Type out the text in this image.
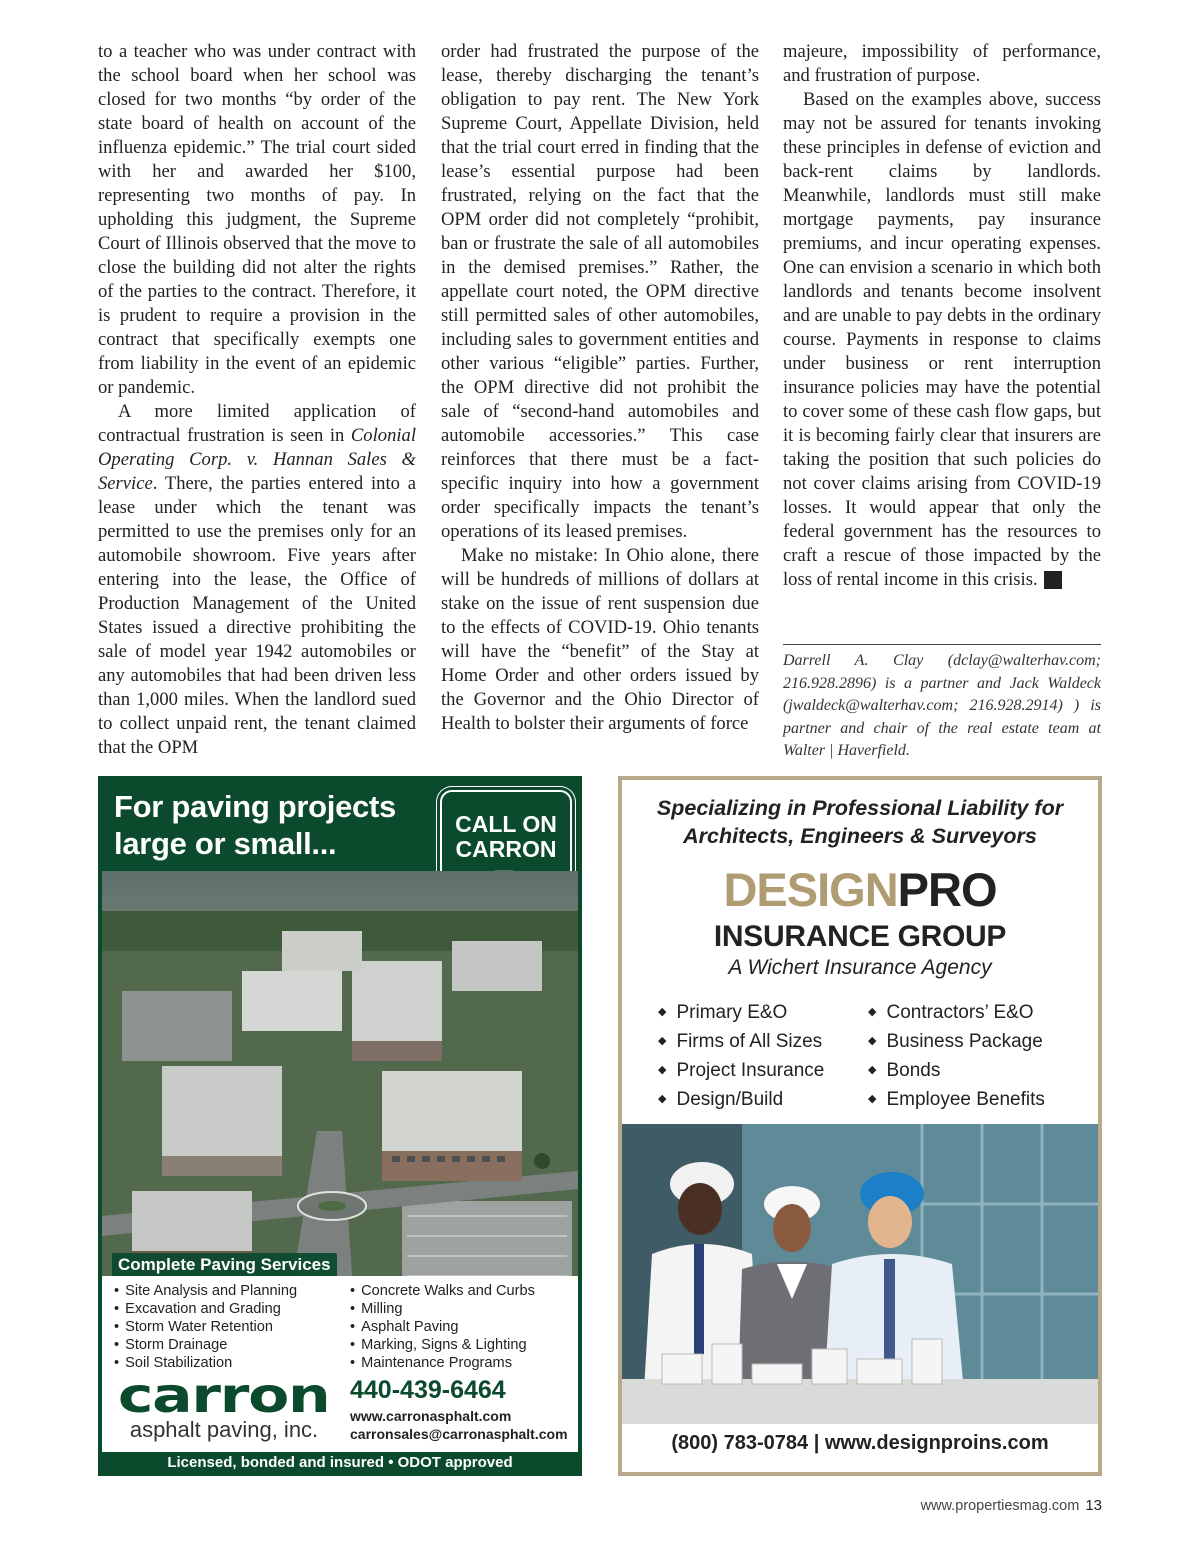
to a teacher who was under contract with the school board when her school was closed for two months “by order of the state board of health on account of the influenza epidemic.” The trial court sided with her and awarded her $100, representing two months of pay. In upholding this judgment, the Supreme Court of Illinois observed that the move to close the building did not alter the rights of the parties to the contract. Therefore, it is prudent to require a provision in the contract that specifically exempts one from liability in the event of an epidemic or pandemic.

A more limited application of contractual frustration is seen in Colonial Operating Corp. v. Hannan Sales & Service. There, the parties entered into a lease under which the tenant was permitted to use the premises only for an automobile showroom. Five years after entering into the lease, the Office of Production Management of the United States issued a directive prohibiting the sale of model year 1942 automobiles or any automobiles that had been driven less than 1,000 miles. When the landlord sued to collect unpaid rent, the tenant claimed that the OPM

order had frustrated the purpose of the lease, thereby discharging the tenant’s obligation to pay rent. The New York Supreme Court, Appellate Division, held that the trial court erred in finding that the lease’s essential purpose had been frustrated, relying on the fact that the OPM order did not completely “prohibit, ban or frustrate the sale of all automobiles in the demised premises.” Rather, the appellate court noted, the OPM directive still permitted sales of other automobiles, including sales to government entities and other various “eligible” parties. Further, the OPM directive did not prohibit the sale of “second-hand automobiles and automobile accessories.” This case reinforces that there must be a fact-specific inquiry into how a government order specifically impacts the tenant’s operations of its leased premises.

Make no mistake: In Ohio alone, there will be hundreds of millions of dollars at stake on the issue of rent suspension due to the effects of COVID-19. Ohio tenants will have the “benefit” of the Stay at Home Order and other orders issued by the Governor and the Ohio Director of Health to bolster their arguments of force

majeure, impossibility of performance, and frustration of purpose.

Based on the examples above, success may not be assured for tenants invoking these principles in defense of eviction and back-rent claims by landlords. Meanwhile, landlords must still make mortgage payments, pay insurance premiums, and incur operating expenses. One can envision a scenario in which both landlords and tenants become insolvent and are unable to pay debts in the ordinary course. Payments in response to claims under business or rent interruption insurance policies may have the potential to cover some of these cash flow gaps, but it is becoming fairly clear that insurers are taking the position that such policies do not cover claims arising from COVID-19 losses. It would appear that only the federal government has the resources to craft a rescue of those impacted by the loss of rental income in this crisis. P

Darrell A. Clay (dclay@walterhav.com; 216.928.2896) is a partner and Jack Waldeck (jwaldeck@walterhav.com; 216.928.2914) ) is partner and chair of the real estate team at Walter | Haverfield.
For paving projects large or small...
CALL ON CARRON
Complete Paving Services
• Site Analysis and Planning
• Excavation and Grading
• Storm Water Retention
• Storm Drainage
• Soil Stabilization
• Concrete Walks and Curbs
• Milling
• Asphalt Paving
• Marking, Signs & Lighting
• Maintenance Programs
carron
asphalt paving, inc.
440-439-6464
www.carronasphalt.com
carronsales@carronasphalt.com
Licensed, bonded and insured • ODOT approved
Specializing in Professional Liability for Architects, Engineers & Surveyors
DESIGNPRO
INSURANCE GROUP
A Wichert Insurance Agency
◆ Primary E&O
◆ Firms of All Sizes
◆ Project Insurance
◆ Design/Build
◆ Contractors’ E&O
◆ Business Package
◆ Bonds
◆ Employee Benefits
(800) 783-0784 | www.designproins.com
www.propertiesmag.com 13
